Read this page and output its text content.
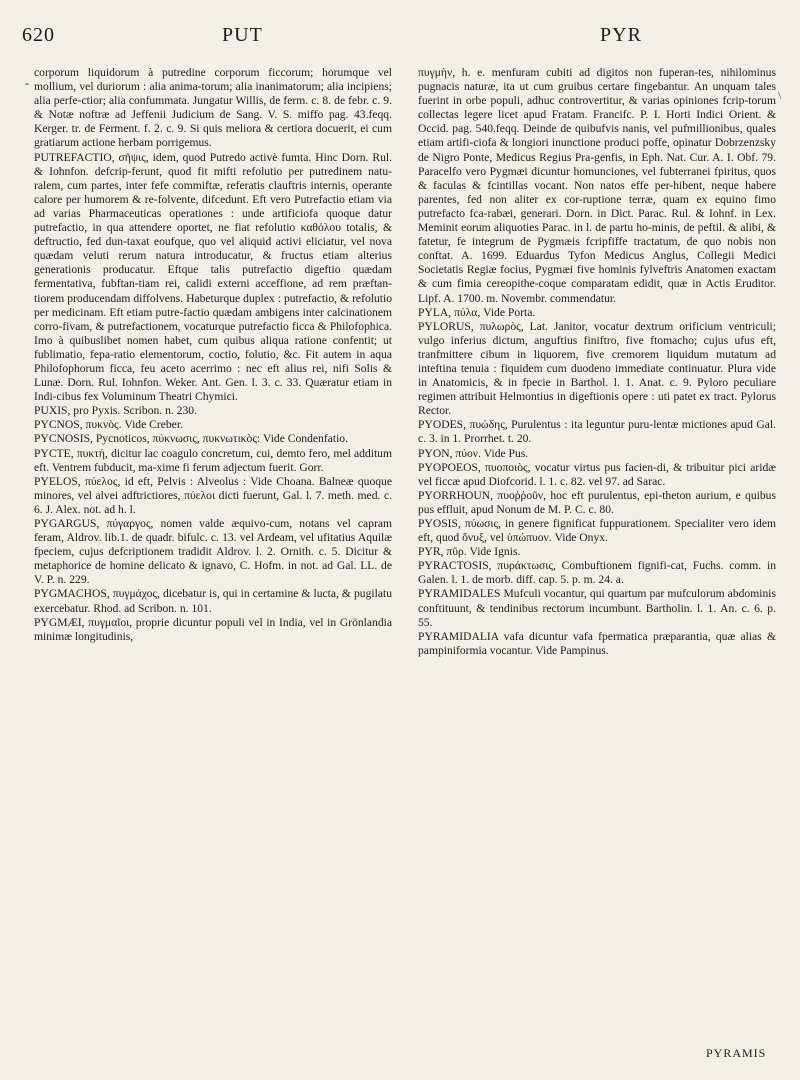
620	PUT	PYR
-
\

corporum liquidorum à putredine corporum ficcorum; horumque vel mollium, vel duriorum : alia anima-torum; alia inanimatorum; alia incipiens; alia perfe-ctior; alia confummata. Jungatur Willis, de ferm. c. 8. de febr. c. 9. & Notæ noftræ ad Jeffenii Judicium de Sang. V. S. miffo pag. 43.feqq. Kerger. tr. de Ferment. f. 2. c. 9. Si quis meliora & certiora docuerit, ei cum gratiarum actione herbam porrigemus.

PUTREFACTIO, σῆψις, idem, quod Putredo activè fumta. Hinc Dorn. Rul. & Iohnfon. defcrip-ferunt, quod fit mifti refolutio per putredinem natu-ralem, cum partes, inter fefe commiftæ, referatis clauftris internis, operante calore per humorem & re-folvente, difcedunt. Eft vero Putrefactio etiam via ad varias Pharmaceuticas operationes : unde artificiofa quoque datur putrefactio, in qua attendere oportet, ne fiat refolutio καθόλου totalis, & deftructio, fed dun-taxat eoufque, quo vel aliquid activi eliciatur, vel nova quædam veluti rerum natura introducatur, & fructus etiam alterius generationis producatur. Eftque talis putrefactio digeftio quædam fermentativa, fubftan-tiam rei, calidi externi acceffione, ad rem præftan-tiorem producendam diffolvens. Habeturque duplex : putrefactio, & refolutio per medicinam. Eft etiam putre-factio quædam ambigens inter calcinationem corro-fivam, & putrefactionem, vocaturque putrefactio ficca & Philofophica. Imo à quibuslibet nomen habet, cum quibus aliqua ratione confentit; ut fublimatio, fepa-ratio elementorum, coctio, folutio, &c. Fit autem in aqua Philofophorum ficca, feu aceto acerrimo : nec eft alius rei, nifi Solis & Lunæ. Dorn. Rul. Iohnfon. Weker. Ant. Gen. l. 3. c. 33. Quæratur etiam in Indi-cibus fex Voluminum Theatri Chymici.

PUXIS, pro Pyxis. Scribon. n. 230.

PYCNOS, πυκνὸς. Vide Creber.

PYCNOSIS, Pycnoticos, πύκνωσις, πυκνωτικὸς: Vide Condenfatio.

PYCTE, πυκτή, dicitur lac coagulo concretum, cui, demto fero, mel additum eft. Ventrem fubducit, ma-xime fi ferum adjectum fuerit. Gorr.

PYELOS, πύελος, id eft, Pelvis : Alveolus : Vide Choana. Balneæ quoque minores, vel alvei adftrictiores, πύελοι dicti fuerunt, Gal. l. 7. meth. med. c. 6. J. Alex. not. ad h. l.

PYGARGUS, πύγαργος, nomen valde æquivo-cum, notans vel capram feram, Aldrov. lib.1. de quadr. bifulc. c. 13. vel Ardeam, vel ufitatius Aquilæ fpeciem, cujus defcriptionem tradidit Aldrov. l. 2. Ornith. c. 5. Dicitur & metaphorice de homine delicato & ignavo, C. Hofm. in not. ad Gal. LL. de V. P. n. 229.

PYGMACHOS, πυγμάχος, dicebatur is, qui in certamine & lucta, & pugilatu exercebatur. Rhod. ad Scribon. n. 101.

PYGMÆI, πυγμαῖοι, proprie dicuntur populi vel in India, vel in Grönlandia minimæ longitudinis,

πυγμὴν, h. e. menfuram cubiti ad digitos non fuperan-tes, nihilominus pugnacis naturæ, ita ut cum gruibus certare fingebantur. An unquam tales fuerint in orbe populi, adhuc controvertitur, & varias opiniones fcrip-torum collectas legere licet apud Fratam. Francifc. P. I. Horti Indici Orient. & Occid. pag. 540.feqq. Deinde de quibufvis nanis, vel pufmillionibus, quales etiam artifi-ciofa & longiori inunctione produci poffe, opinatur Dobrzenzsky de Nigro Ponte, Medicus Regius Pra-genfis, in Eph. Nat. Cur. A. I. Obf. 79. Paracelfo vero Pygmæi dicuntur homunciones, vel fubterranei fpiritus, quos & faculas & fcintillas vocant. Non natos effe per-hibent, neque habere parentes, fed non aliter ex cor-ruptione terræ, quam ex equino fimo putrefacto fca-rabæi, generari. Dorn. in Dict. Parac. Rul. & Iohnf. in Lex. Meminit eorum aliquoties Parac. in l. de partu ho-minis, de peftil. & alibi, & fatetur, fe integrum de Pygmæis fcripfiffe tractatum, de quo nobis non conftat. A. 1699. Eduardus Tyfon Medicus Anglus, Collegii Medici Societatis Regiæ focius, Pygmæi five hominis fylveftris Anatomen exactam & cum fimia cereopithe-coque comparatam edidit, quæ in Actis Eruditor. Lipf. A. 1700. m. Novembr. commendatur.

PYLA, πύλα, Vide Porta.

PYLORUS, πυλωρὸς, Lat. Janitor, vocatur dextrum orificium ventriculi; vulgo inferius dictum, anguftius finiftro, five ftomacho; cujus ufus eft, tranfmittere cibum in liquorem, five cremorem liquidum mutatum ad inteftina tenuia : fiquidem cum duodeno immediate continuatur. Plura vide in Anatomicis, & in fpecie in Barthol. l. 1. Anat. c. 9. Pyloro peculiare regimen attribuit Helmontius in digeftionis opere : uti patet ex tract. Pylorus Rector.

PYODES, πυώδης, Purulentus : ita leguntur puru-lentæ mictiones apud Gal. c. 3. in 1. Prorrhet. t. 20.

PYON, πύον. Vide Pus.

PYOPOEOS, πυοποιὸς, vocatur virtus pus facien-di, & tribuitur pici aridæ vel ficcæ apud Diofcorid. l. 1. c. 82. vel 97. ad Sarac.

PYORRHOUN, πυοῤῥοῦν, hoc eft purulentus, epi-theton aurium, e quibus pus effluit, apud Nonum de M. P. C. c. 80.

PYOSIS, πύωσις, in genere fignificat fuppurationem. Specialiter vero idem eft, quod ὄνυξ, vel ὑπώπυον. Vide Onyx.

PYR, πῦρ. Vide Ignis.

PYRACTOSIS, πυράκτωσις, Combuftionem fignifi-cat, Fuchs. comm. in Galen. l. 1. de morb. diff. cap. 5. p. m. 24. a.

PYRAMIDALES Mufculi vocantur, qui quartum par mufculorum abdominis conftituunt, & tendinibus rectorum incumbunt. Bartholin. l. 1. An. c. 6. p. 55.

PYRAMIDALIA vafa dicuntur vafa fpermatica præparantia, quæ alias & pampiniformia vocantur. Vide Pampinus.

PYRAMIS
